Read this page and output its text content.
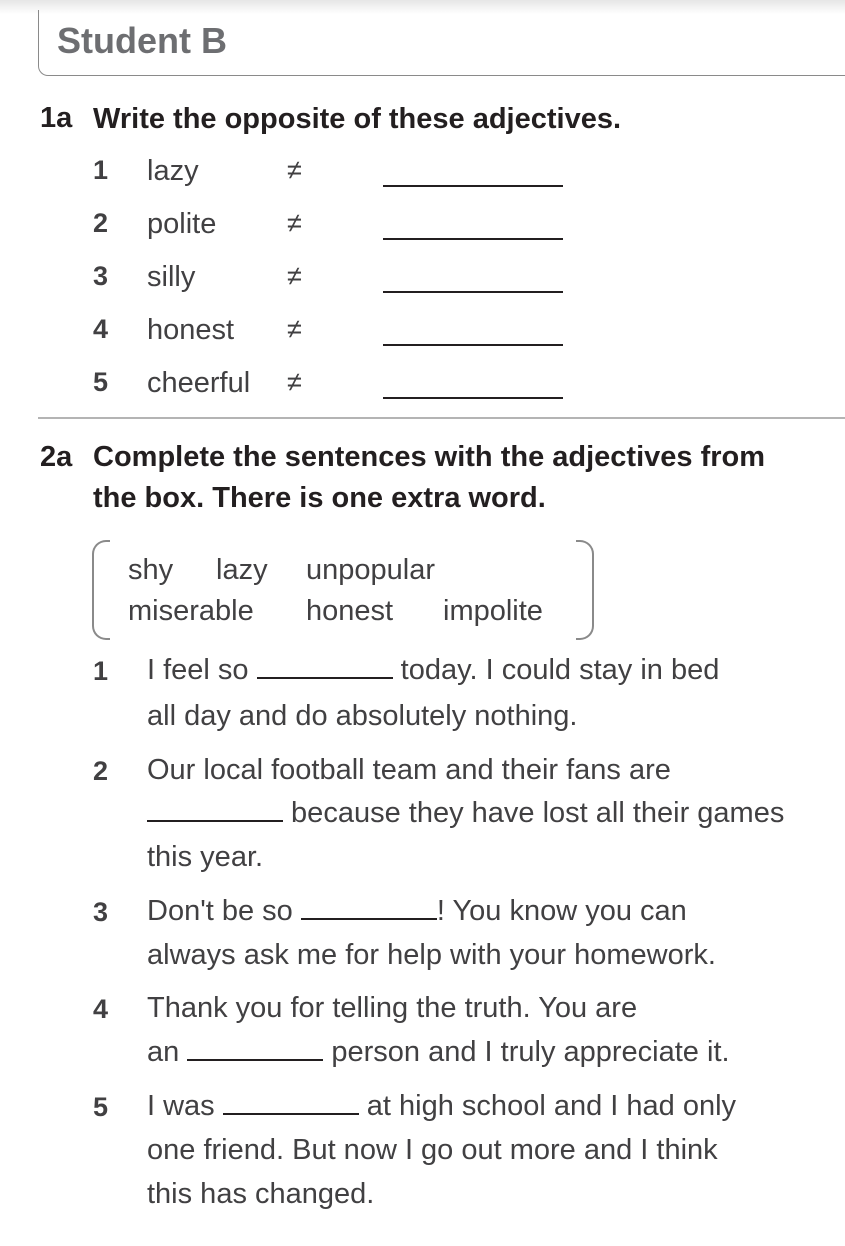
Student B
1a Write the opposite of these adjectives.
1 lazy	≠
2 polite	≠
3 silly	≠
4 honest ≠
5 cheerful ≠
2a Complete the sentences with the adjectives from
the box. There is one extra word.
shy lazy unpopular
miserable honest impolite
1 I feel so	today. I could stay in bed
all day and do absolutely nothing.
2 Our local football team and their fans are
because they have lost all their games
this year.
3 Don't be so	! You know you can
always ask me for help with your homework.
4 Thank you for telling the truth. You are
an	person and I truly appreciate it.
5 I was	at high school and I had only
one friend. But now I go out more and I think
this has changed.
